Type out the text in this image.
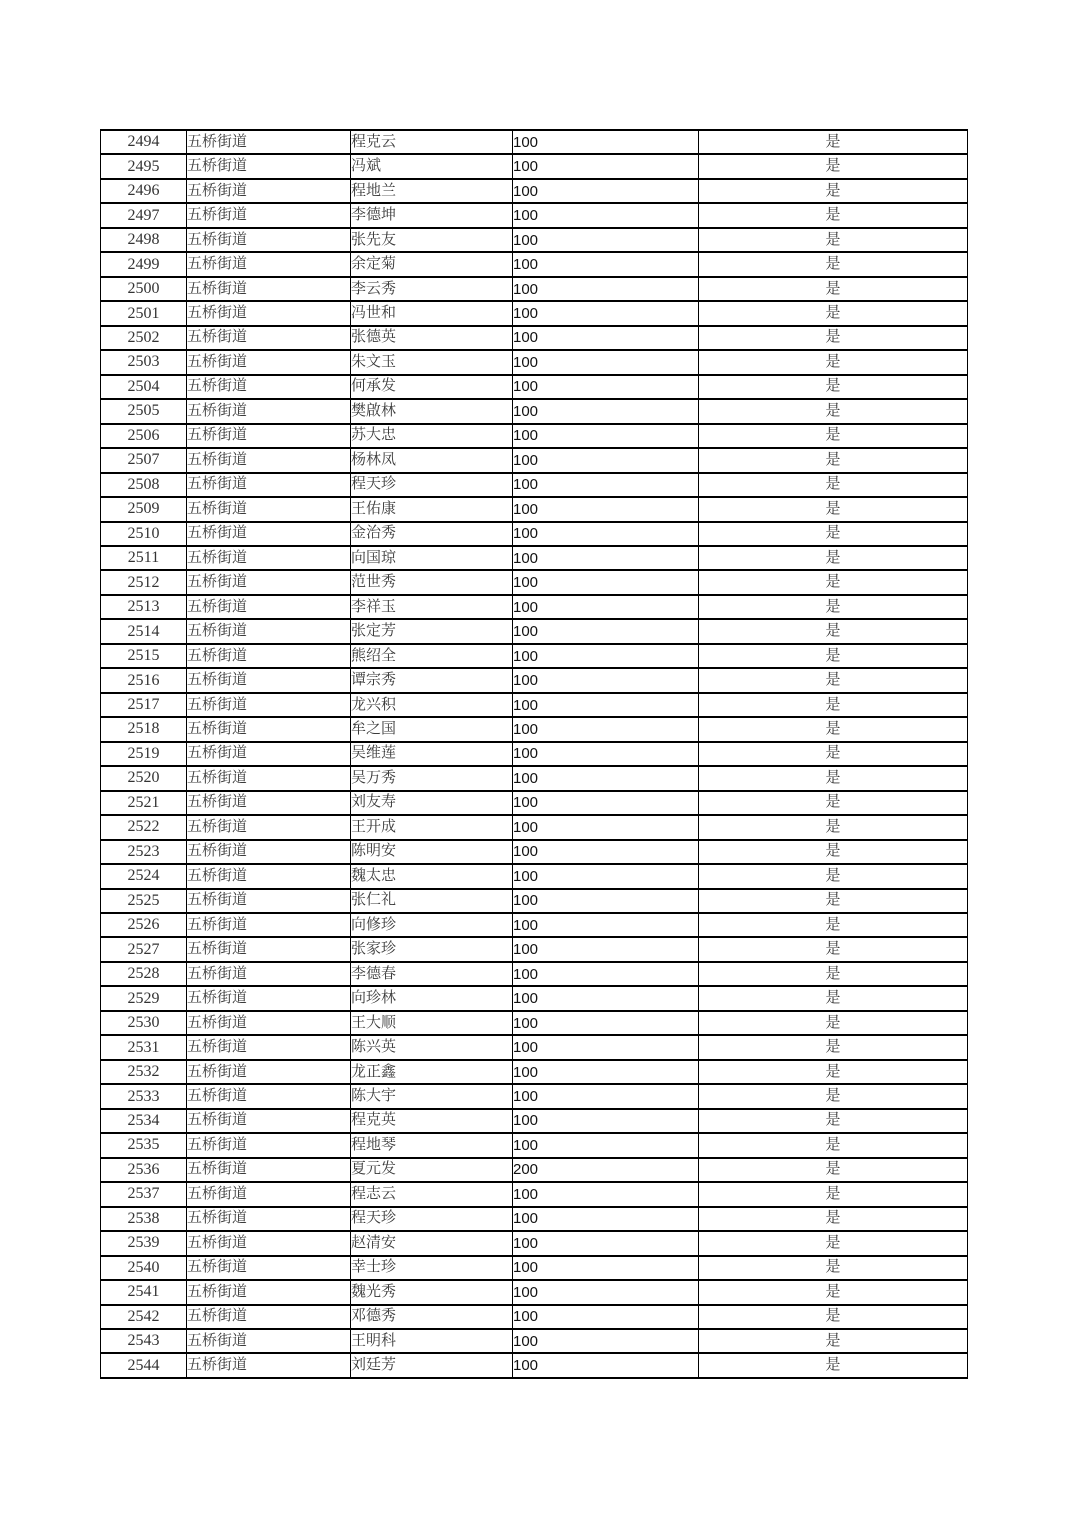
2494	五桥街道	程克云	100	是
2495	五桥街道	冯斌	100	是
2496	五桥街道	程地兰	100	是
2497	五桥街道	李德坤	100	是
2498	五桥街道	张先友	100	是
2499	五桥街道	余定菊	100	是
2500	五桥街道	李云秀	100	是
2501	五桥街道	冯世和	100	是
2502	五桥街道	张德英	100	是
2503	五桥街道	朱文玉	100	是
2504	五桥街道	何承发	100	是
2505	五桥街道	樊啟林	100	是
2506	五桥街道	苏大忠	100	是
2507	五桥街道	杨林凤	100	是
2508	五桥街道	程天珍	100	是
2509	五桥街道	王佑康	100	是
2510	五桥街道	金治秀	100	是
2511	五桥街道	向国琼	100	是
2512	五桥街道	范世秀	100	是
2513	五桥街道	李祥玉	100	是
2514	五桥街道	张定芳	100	是
2515	五桥街道	熊绍全	100	是
2516	五桥街道	谭宗秀	100	是
2517	五桥街道	龙兴积	100	是
2518	五桥街道	牟之国	100	是
2519	五桥街道	吴维莲	100	是
2520	五桥街道	吴万秀	100	是
2521	五桥街道	刘友寿	100	是
2522	五桥街道	王开成	100	是
2523	五桥街道	陈明安	100	是
2524	五桥街道	魏太忠	100	是
2525	五桥街道	张仁礼	100	是
2526	五桥街道	向修珍	100	是
2527	五桥街道	张家珍	100	是
2528	五桥街道	李德春	100	是
2529	五桥街道	向珍林	100	是
2530	五桥街道	王大顺	100	是
2531	五桥街道	陈兴英	100	是
2532	五桥街道	龙正鑫	100	是
2533	五桥街道	陈大宇	100	是
2534	五桥街道	程克英	100	是
2535	五桥街道	程地琴	100	是
2536	五桥街道	夏元发	200	是
2537	五桥街道	程志云	100	是
2538	五桥街道	程天珍	100	是
2539	五桥街道	赵清安	100	是
2540	五桥街道	幸士珍	100	是
2541	五桥街道	魏光秀	100	是
2542	五桥街道	邓德秀	100	是
2543	五桥街道	王明科	100	是
2544	五桥街道	刘廷芳	100	是
